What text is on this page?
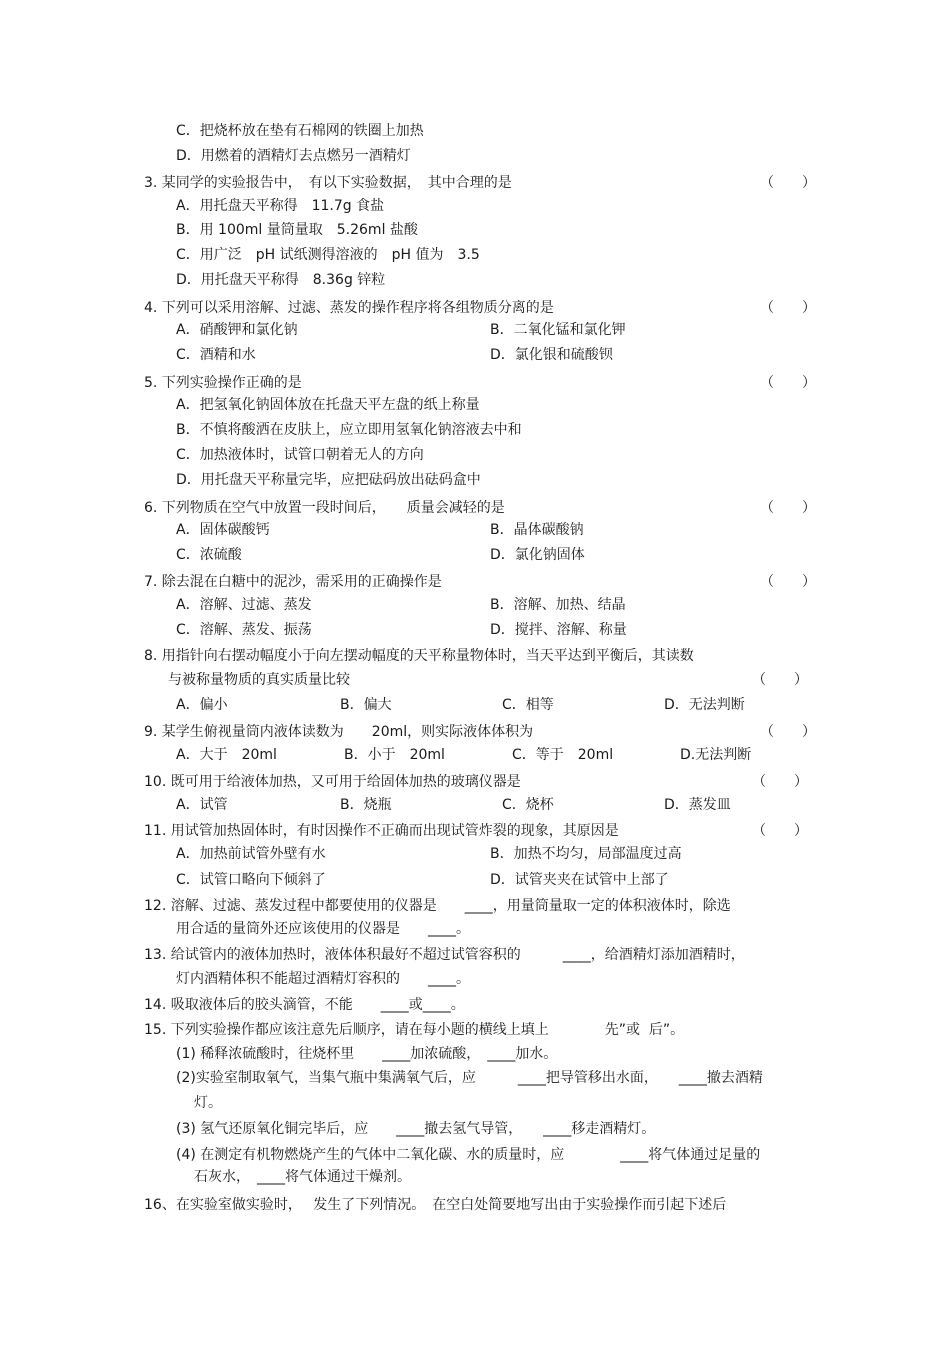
C．把烧杯放在垫有石棉网的铁圈上加热
D．用燃着的酒精灯去点燃另一酒精灯
3. 某同学的实验报告中，　有以下实验数据，　其中合理的是	（　　）
A．用托盘天平称得　11.7g 食盐
B．用 100ml 量筒量取　5.26ml 盐酸
C．用广泛　pH 试纸测得溶液的　pH 值为　3.5
D．用托盘天平称得　8.36g 锌粒
4. 下列可以采用溶解、过滤、蒸发的操作程序将各组物质分离的是	（　　）
A．硝酸钾和氯化钠	B．二氧化锰和氯化钾
C．酒精和水	D．氯化银和硫酸钡
5. 下列实验操作正确的是	（　　）
A．把氢氧化钠固体放在托盘天平左盘的纸上称量
B．不慎将酸洒在皮肤上，应立即用氢氧化钠溶液去中和
C．加热液体时，试管口朝着无人的方向
D．用托盘天平称量完毕，应把砝码放出砝码盒中
6. 下列物质在空气中放置一段时间后，　　质量会减轻的是	（　　）
A．固体碳酸钙	B．晶体碳酸钠
C．浓硫酸	D．氯化钠固体
7. 除去混在白糖中的泥沙，需采用的正确操作是	（　　）
A．溶解、过滤、蒸发	B．溶解、加热、结晶
C．溶解、蒸发、振荡	D．搅拌、溶解、称量
8. 用指针向右摆动幅度小于向左摆动幅度的天平称量物体时，当天平达到平衡后，其读数
与被称量物质的真实质量比较	（　　）
A．偏小	B．偏大	C．相等	D．无法判断
9. 某学生俯视量筒内液体读数为　　20ml，则实际液体体积为	（　　）
A．大于　20ml	B．小于　20ml	C．等于　20ml	D.无法判断
10. 既可用于给液体加热，又可用于给固体加热的玻璃仪器是	（　　）
A．试管	B．烧瓶	C．烧杯	D．蒸发皿
11. 用试管加热固体时，有时因操作不正确而出现试管炸裂的现象，其原因是	（　　）
A．加热前试管外壁有水	B．加热不均匀，局部温度过高
C．试管口略向下倾斜了	D．试管夹夹在试管中上部了
12. 溶解、过滤、蒸发过程中都要使用的仪器是　　____，用量筒量取一定的体积液体时，除选
用合适的量筒外还应该使用的仪器是　　____。
13. 给试管内的液体加热时，液体体积最好不超过试管容积的　　　____，给酒精灯添加酒精时，
灯内酒精体积不能超过酒精灯容积的　　____。
14. 吸取液体后的胶头滴管，不能　　____或____。
15. 下列实验操作都应该注意先后顺序，请在每小题的横线上填上　　　　先”或  后”。
(1) 稀释浓硫酸时，往烧杯里　　____加浓硫酸，　____加水。
(2)实验室制取氧气，当集气瓶中集满氧气后，应　　　____把导管移出水面，　　____撤去酒精
灯。
(3) 氢气还原氧化铜完毕后，应　　____撤去氢气导管，　　____移走酒精灯。
(4) 在测定有机物燃烧产生的气体中二氧化碳、水的质量时，应　　　　____将气体通过足量的
石灰水，　____将气体通过干燥剂。
16、在实验室做实验时，　 发生了下列情况。　在空白处简要地写出由于实验操作而引起下述后
